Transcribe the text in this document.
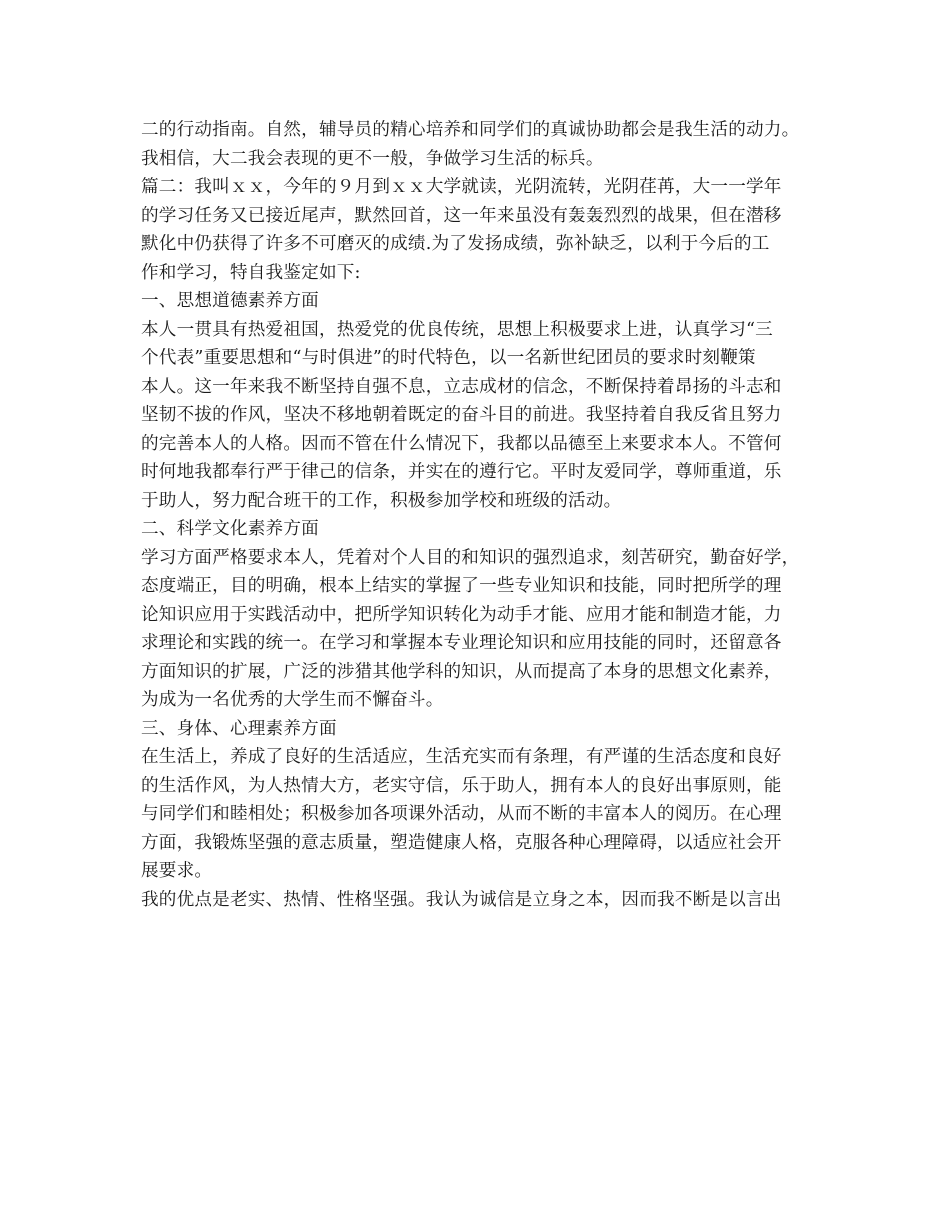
二的行动指南。自然，辅导员的精心培养和同学们的真诚协助都会是我生活的动力。
我相信，大二我会表现的更不一般，争做学习生活的标兵。
篇二：我叫ｘｘ，今年的９月到ｘｘ大学就读，光阴流转，光阴荏苒，大一一学年
的学习任务又已接近尾声，默然回首，这一年来虽没有轰轰烈烈的战果，但在潜移
默化中仍获得了许多不可磨灭的成绩.为了发扬成绩，弥补缺乏，以利于今后的工
作和学习，特自我鉴定如下:
一、思想道德素养方面
本人一贯具有热爱祖国，热爱党的优良传统，思想上积极要求上进，认真学习“三
个代表”重要思想和“与时俱进”的时代特色，以一名新世纪团员的要求时刻鞭策
本人。这一年来我不断坚持自强不息，立志成材的信念，不断保持着昂扬的斗志和
坚韧不拔的作风，坚决不移地朝着既定的奋斗目的前进。我坚持着自我反省且努力
的完善本人的人格。因而不管在什么情况下，我都以品德至上来要求本人。不管何
时何地我都奉行严于律己的信条，并实在的遵行它。平时友爱同学，尊师重道，乐
于助人，努力配合班干的工作，积极参加学校和班级的活动。
二、科学文化素养方面
学习方面严格要求本人，凭着对个人目的和知识的强烈追求，刻苦研究，勤奋好学，
态度端正，目的明确，根本上结实的掌握了一些专业知识和技能，同时把所学的理
论知识应用于实践活动中，把所学知识转化为动手才能、应用才能和制造才能，力
求理论和实践的统一。在学习和掌握本专业理论知识和应用技能的同时，还留意各
方面知识的扩展，广泛的涉猎其他学科的知识，从而提高了本身的思想文化素养，
为成为一名优秀的大学生而不懈奋斗。
三、身体、心理素养方面
在生活上，养成了良好的生活适应，生活充实而有条理，有严谨的生活态度和良好
的生活作风，为人热情大方，老实守信，乐于助人，拥有本人的良好出事原则，能
与同学们和睦相处；积极参加各项课外活动，从而不断的丰富本人的阅历。在心理
方面，我锻炼坚强的意志质量，塑造健康人格，克服各种心理障碍，以适应社会开
展要求。
我的优点是老实、热情、性格坚强。我认为诚信是立身之本，因而我不断是以言出
